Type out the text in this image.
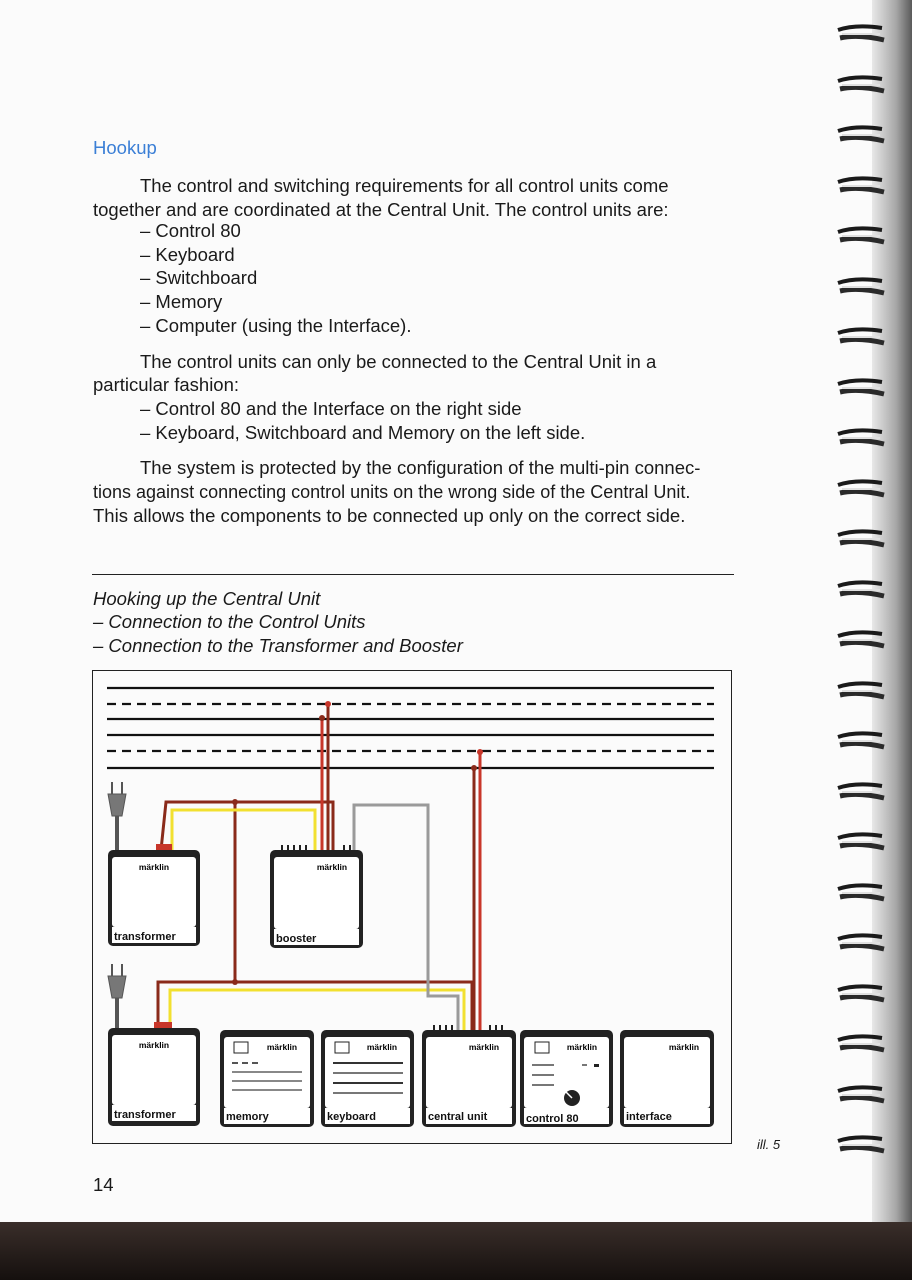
Hookup

The control and switching requirements for all control units come

together and are coordinated at the Central Unit. The control units are:

– Control 80

– Keyboard

– Switchboard

– Memory

– Computer (using the Interface).

The control units can only be connected to the Central Unit in a

particular fashion:

– Control 80 and the Interface on the right side

– Keyboard, Switchboard and Memory on the left side.

The system is protected by the configuration of the multi-pin connec-

tions against connecting control units on the wrong side of the Central Unit.

This allows the components to be connected up only on the correct side.

Hooking up the Central Unit

– Connection to the Control Units

– Connection to the Transformer and Booster

märklin
transformer
märklin
booster
märklin
transformer
märklin
memory
märklin
keyboard
märklin
central unit
märklin
control 80
märklin
interface

ill. 5

14
